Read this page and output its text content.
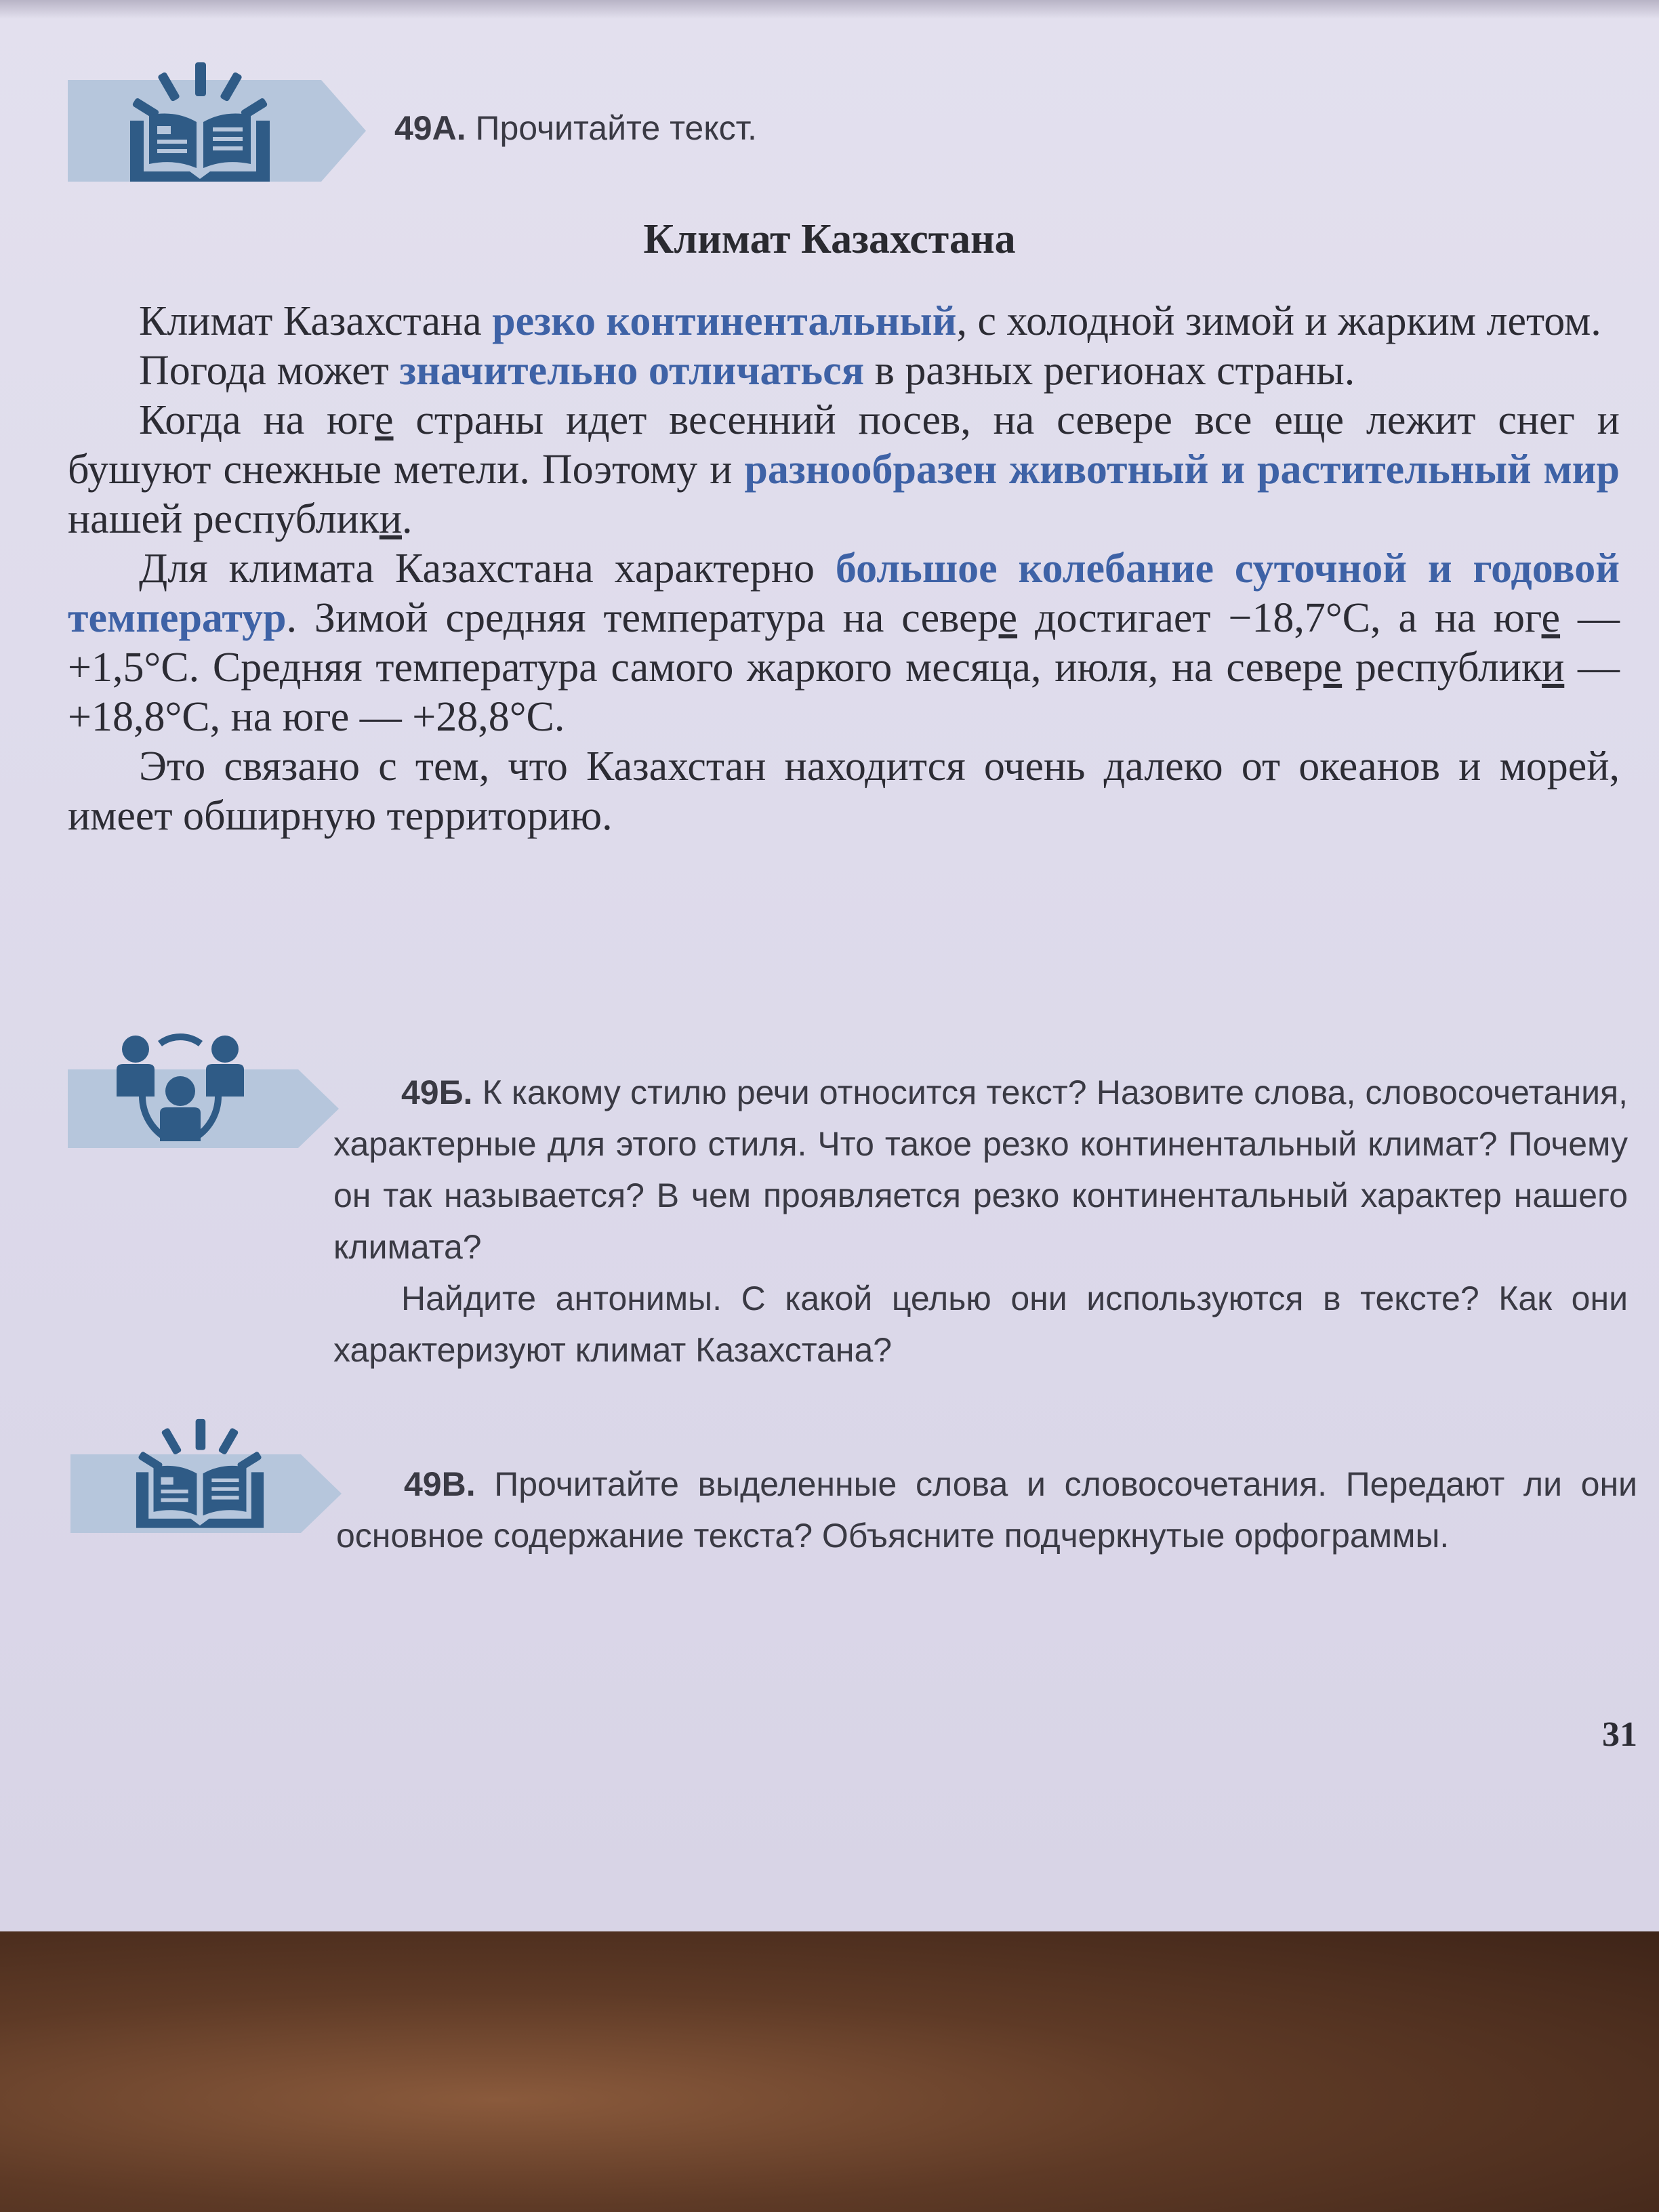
49А. Прочитайте текст.
Климат Казахстана

Климат Казахстана резко континентальный, с холодной зимой и жарким летом.

Погода может значительно отличаться в разных регионах страны.

Когда на юге страны идет весенний посев, на севере все еще лежит снег и бушуют снежные метели. Поэтому и разнообразен животный и растительный мир нашей республики.

Для климата Казахстана характерно большое колебание суточной и годовой температур. Зимой средняя температура на севере достигает −18,7°С, а на юге — +1,5°С. Средняя температура самого жаркого месяца, июля, на севере республики — +18,8°С, на юге — +28,8°С.

Это связано с тем, что Казахстан находится очень далеко от океанов и морей, имеет обширную территорию.

49Б. К какому стилю речи относится текст? Назовите слова, словосочетания, характерные для этого стиля. Что такое резко континентальный климат? Почему он так называется? В чем проявляется резко континентальный характер нашего климата?

Найдите антонимы. С какой целью они используются в тексте? Как они характеризуют климат Казахстана?

49В. Прочитайте выделенные слова и словосочетания. Передают ли они основное содержание текста? Объясните подчеркнутые орфограммы.

31
